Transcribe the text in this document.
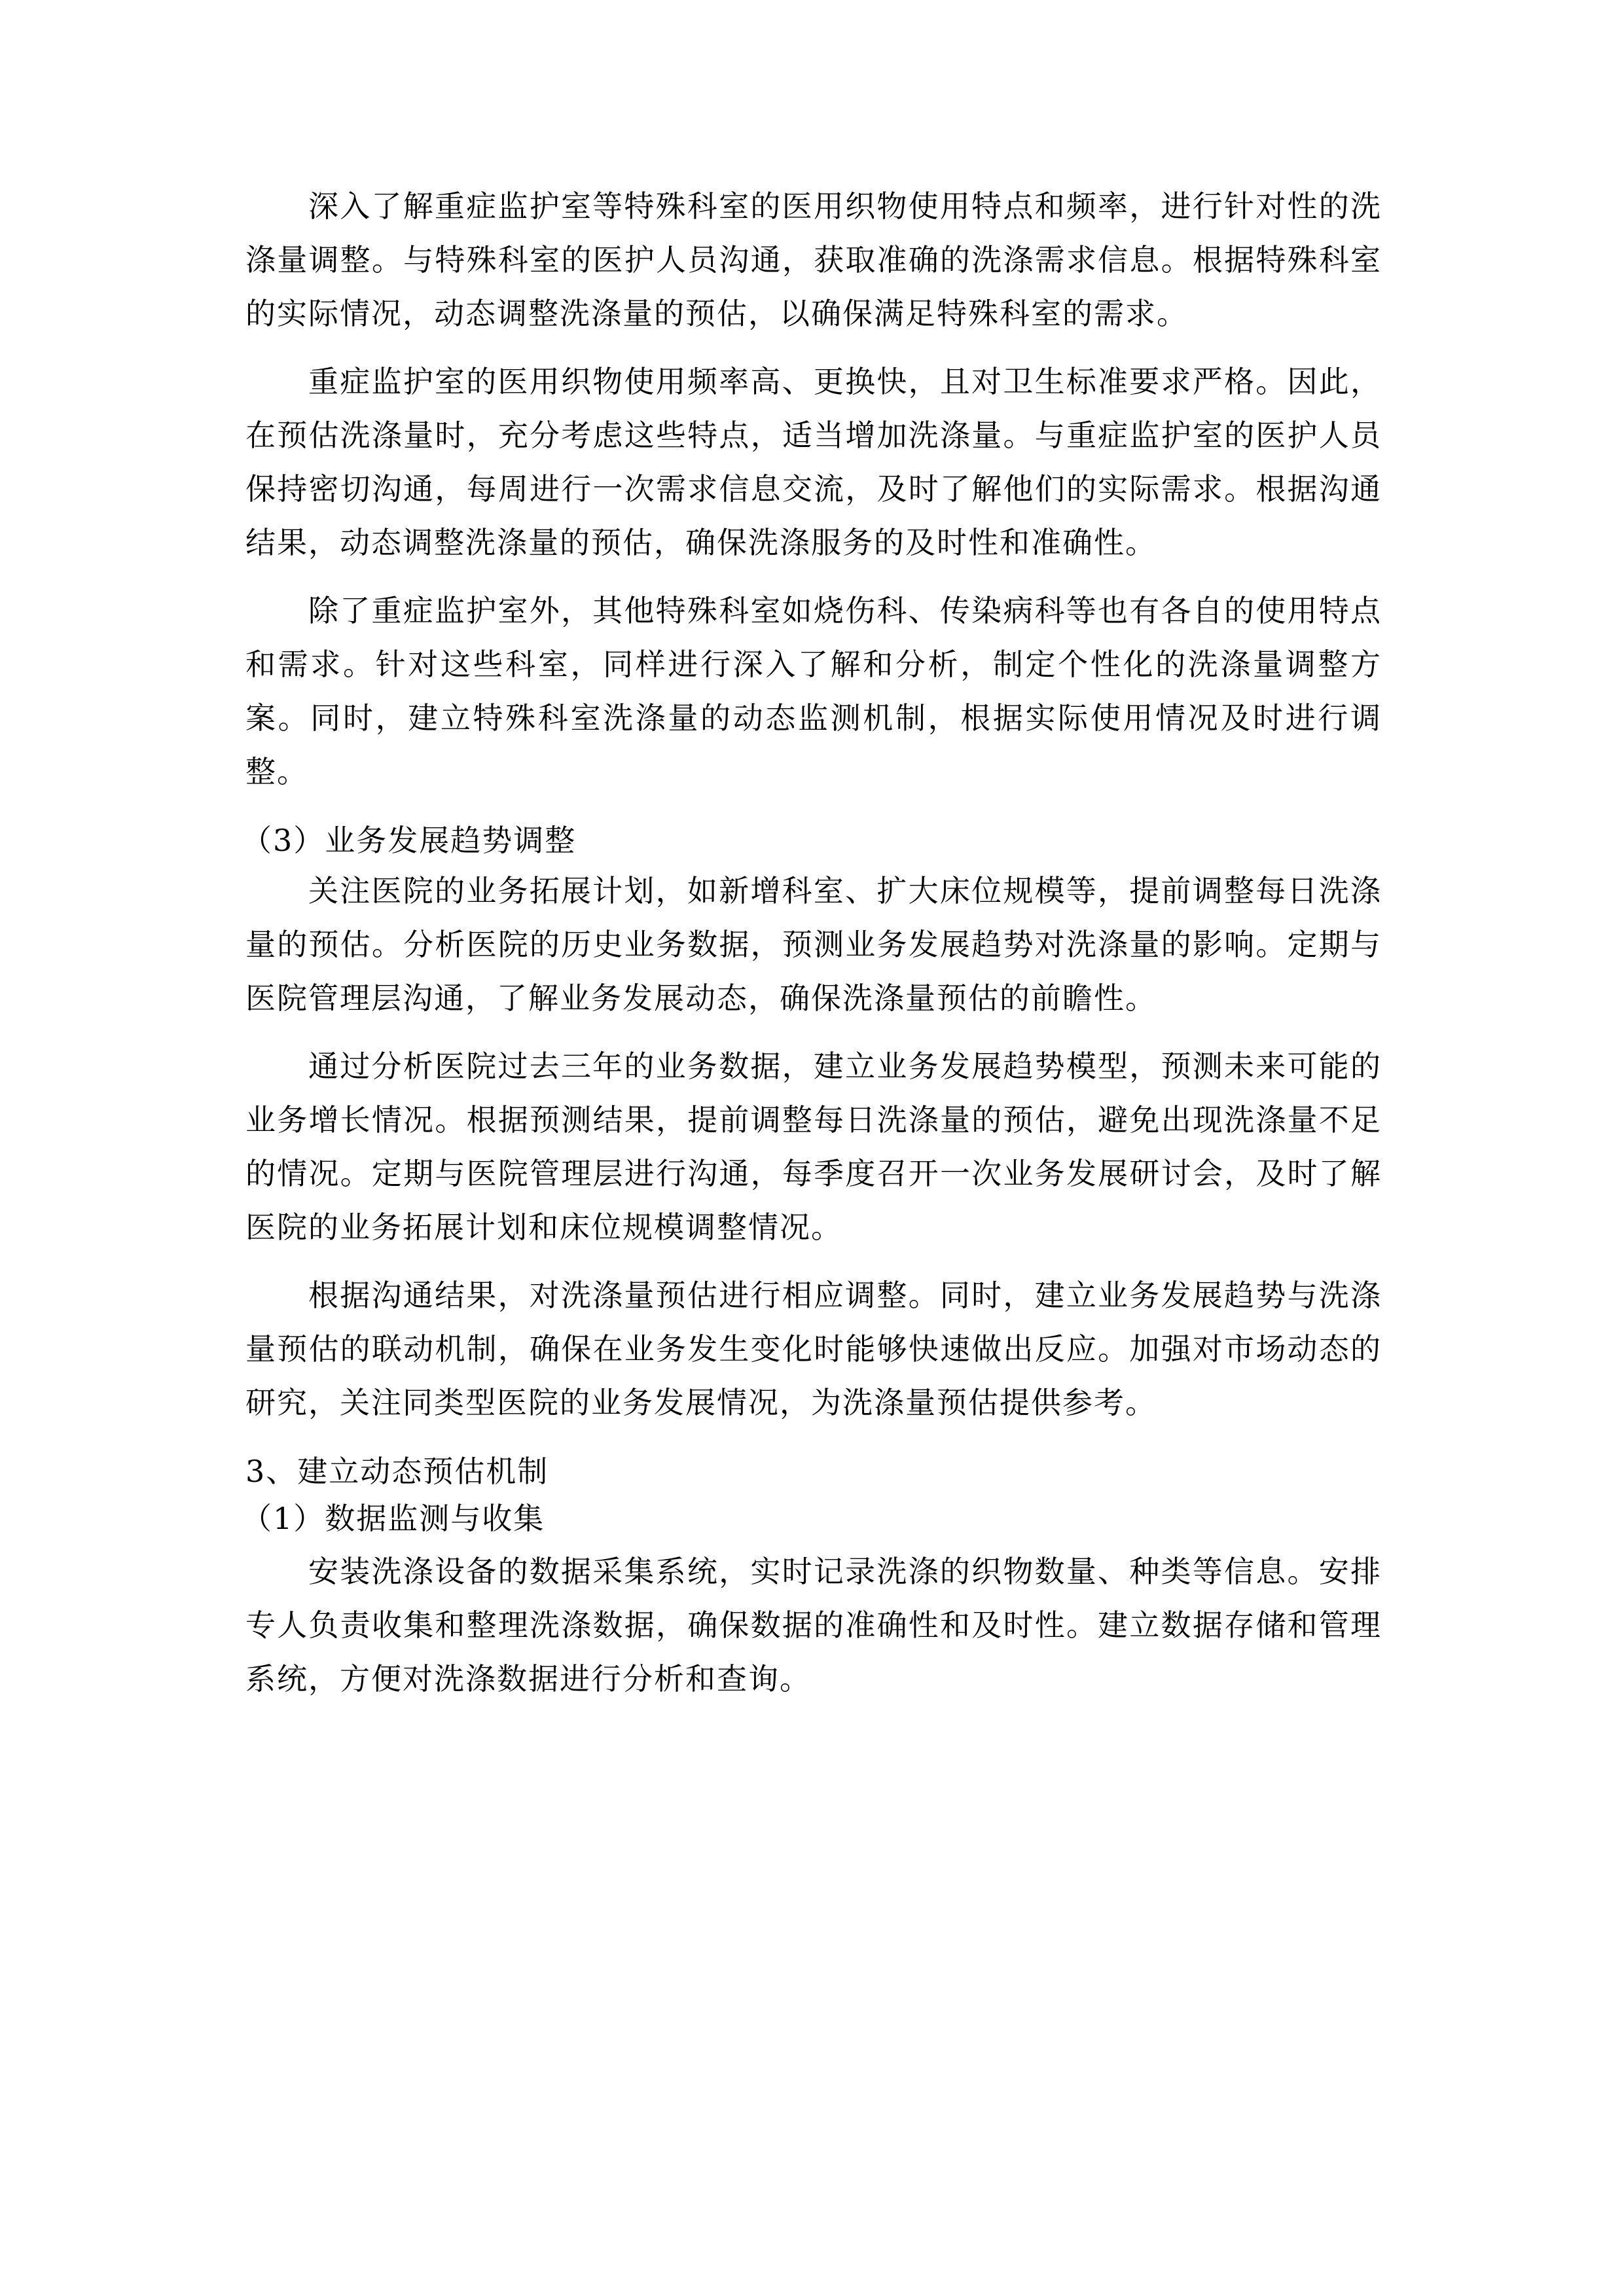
深入了解重症监护室等特殊科室的医用织物使用特点和频率，进行针对性的洗涤量调整。与特殊科室的医护人员沟通，获取准确的洗涤需求信息。根据特殊科室的实际情况，动态调整洗涤量的预估，以确保满足特殊科室的需求。

重症监护室的医用织物使用频率高、更换快，且对卫生标准要求严格。因此，在预估洗涤量时，充分考虑这些特点，适当增加洗涤量。与重症监护室的医护人员保持密切沟通，每周进行一次需求信息交流，及时了解他们的实际需求。根据沟通结果，动态调整洗涤量的预估，确保洗涤服务的及时性和准确性。

除了重症监护室外，其他特殊科室如烧伤科、传染病科等也有各自的使用特点和需求。针对这些科室，同样进行深入了解和分析，制定个性化的洗涤量调整方案。同时，建立特殊科室洗涤量的动态监测机制，根据实际使用情况及时进行调整。

（3）业务发展趋势调整

关注医院的业务拓展计划，如新增科室、扩大床位规模等，提前调整每日洗涤量的预估。分析医院的历史业务数据，预测业务发展趋势对洗涤量的影响。定期与医院管理层沟通，了解业务发展动态，确保洗涤量预估的前瞻性。

通过分析医院过去三年的业务数据，建立业务发展趋势模型，预测未来可能的业务增长情况。根据预测结果，提前调整每日洗涤量的预估，避免出现洗涤量不足的情况。定期与医院管理层进行沟通，每季度召开一次业务发展研讨会，及时了解医院的业务拓展计划和床位规模调整情况。

根据沟通结果，对洗涤量预估进行相应调整。同时，建立业务发展趋势与洗涤量预估的联动机制，确保在业务发生变化时能够快速做出反应。加强对市场动态的研究，关注同类型医院的业务发展情况，为洗涤量预估提供参考。

3、建立动态预估机制

（1）数据监测与收集

安装洗涤设备的数据采集系统，实时记录洗涤的织物数量、种类等信息。安排专人负责收集和整理洗涤数据，确保数据的准确性和及时性。建立数据存储和管理系统，方便对洗涤数据进行分析和查询。
